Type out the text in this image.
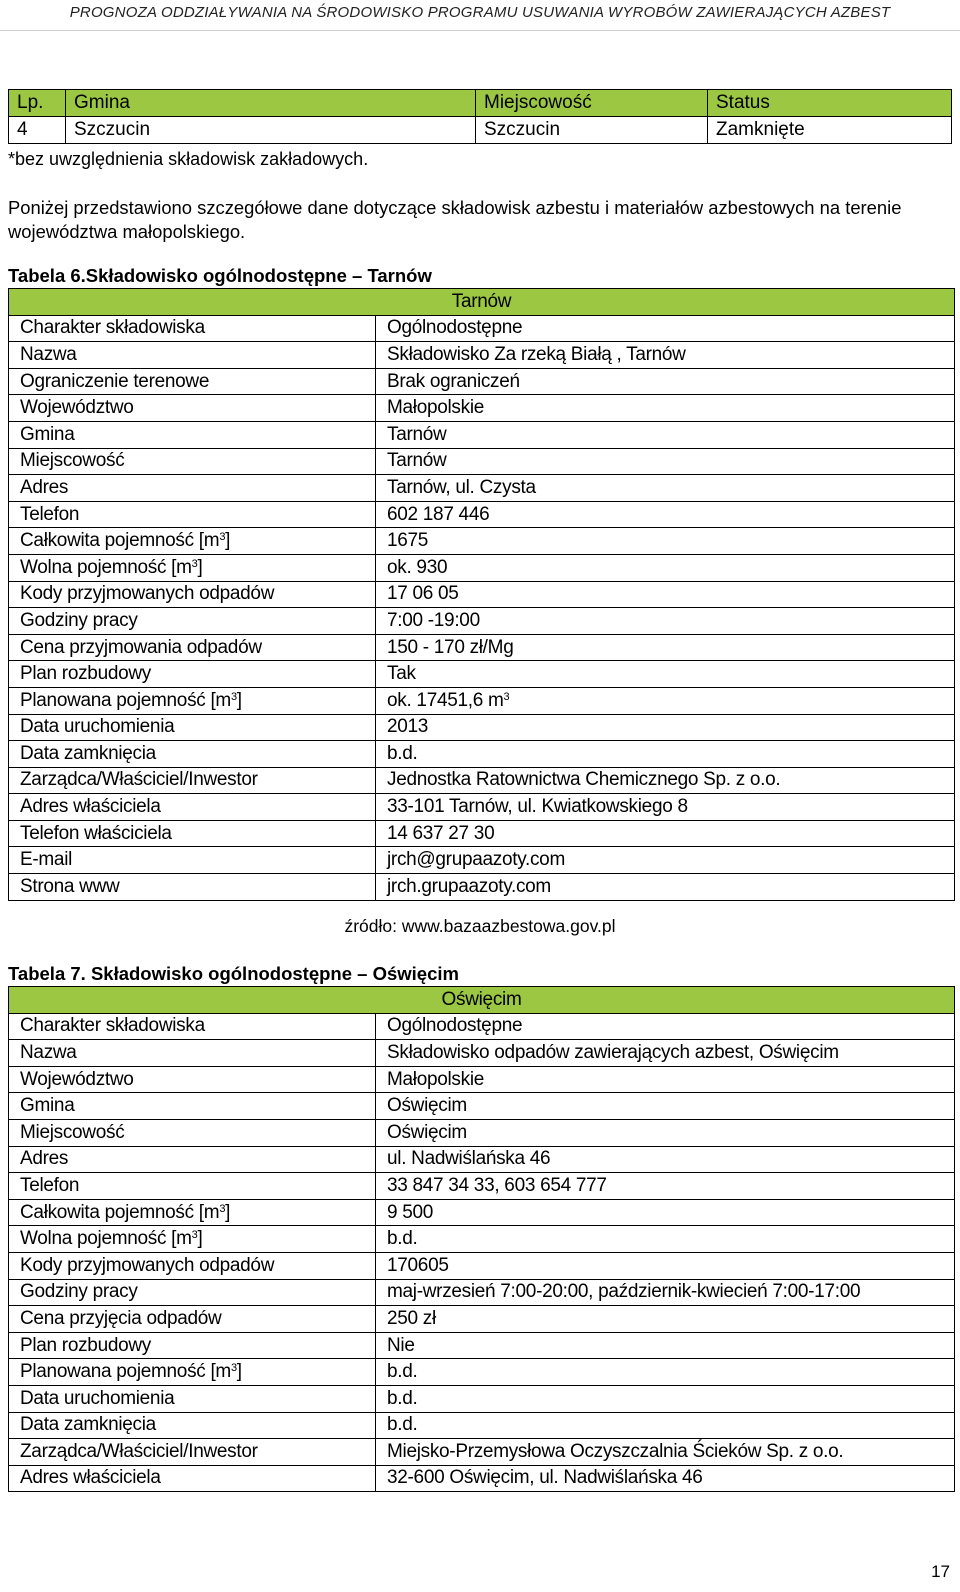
PROGNOZA ODDZIAŁYWANIA NA ŚRODOWISKO PROGRAMU USUWANIA WYROBÓW ZAWIERAJĄCYCH AZBEST
Lp.	Gmina	Miejscowość	Status
4	Szczucin	Szczucin	Zamknięte
*bez uwzględnienia składowisk zakładowych.
Poniżej przedstawiono szczegółowe dane dotyczące składowisk azbestu i materiałów azbestowych na terenie województwa małopolskiego.
Tabela 6.Składowisko ogólnodostępne – Tarnów
Tarnów	
Charakter składowiska	Ogólnodostępne
Nazwa	Składowisko Za rzeką Białą , Tarnów
Ograniczenie terenowe	Brak ograniczeń
Województwo	Małopolskie
Gmina	Tarnów
Miejscowość	Tarnów
Adres	Tarnów, ul. Czysta
Telefon	602 187 446
Całkowita pojemność $[m^3]$	1675
Wolna pojemność $[m^3]$	ok. 930
Kody przyjmowanych odpadów	17 06 05
Godziny pracy	7:00 -19:00
Cena przyjmowania odpadów	150 - 170 zł/Mg
Plan rozbudowy	Tak
Planowana pojemność $[m^3]$	ok. 17451,6 $m^3$
Data uruchomienia	2013
Data zamknięcia	b.d.
Zarządca/Właściciel/Inwestor	Jednostka Ratownictwa Chemicznego Sp. z o.o.
Adres właściciela	33-101 Tarnów, ul. Kwiatkowskiego 8
Telefon właściciela	14 637 27 30
E-mail	jrch@grupaazoty.com
Strona www	jrch.grupaazoty.com
źródło: www.bazaazbestowa.gov.pl
Tabela 7. Składowisko ogólnodostępne – Oświęcim
Oświęcim	
Charakter składowiska	Ogólnodostępne
Nazwa	Składowisko odpadów zawierających azbest, Oświęcim
Województwo	Małopolskie
Gmina	Oświęcim
Miejscowość	Oświęcim
Adres	ul. Nadwiślańska 46
Telefon	33 847 34 33, 603 654 777
Całkowita pojemność $[m^3]$	9 500
Wolna pojemność $[m^3]$	b.d.
Kody przyjmowanych odpadów	170605
Godziny pracy	maj-wrzesień 7:00-20:00, październik-kwiecień 7:00-17:00
Cena przyjęcia odpadów	250 zł
Plan rozbudowy	Nie
Planowana pojemność $[m^3]$	b.d.
Data uruchomienia	b.d.
Data zamknięcia	b.d.
Zarządca/Właściciel/Inwestor	Miejsko-Przemysłowa Oczyszczalnia Ścieków Sp. z o.o.
Adres właściciela	32-600 Oświęcim, ul. Nadwiślańska 46
17
